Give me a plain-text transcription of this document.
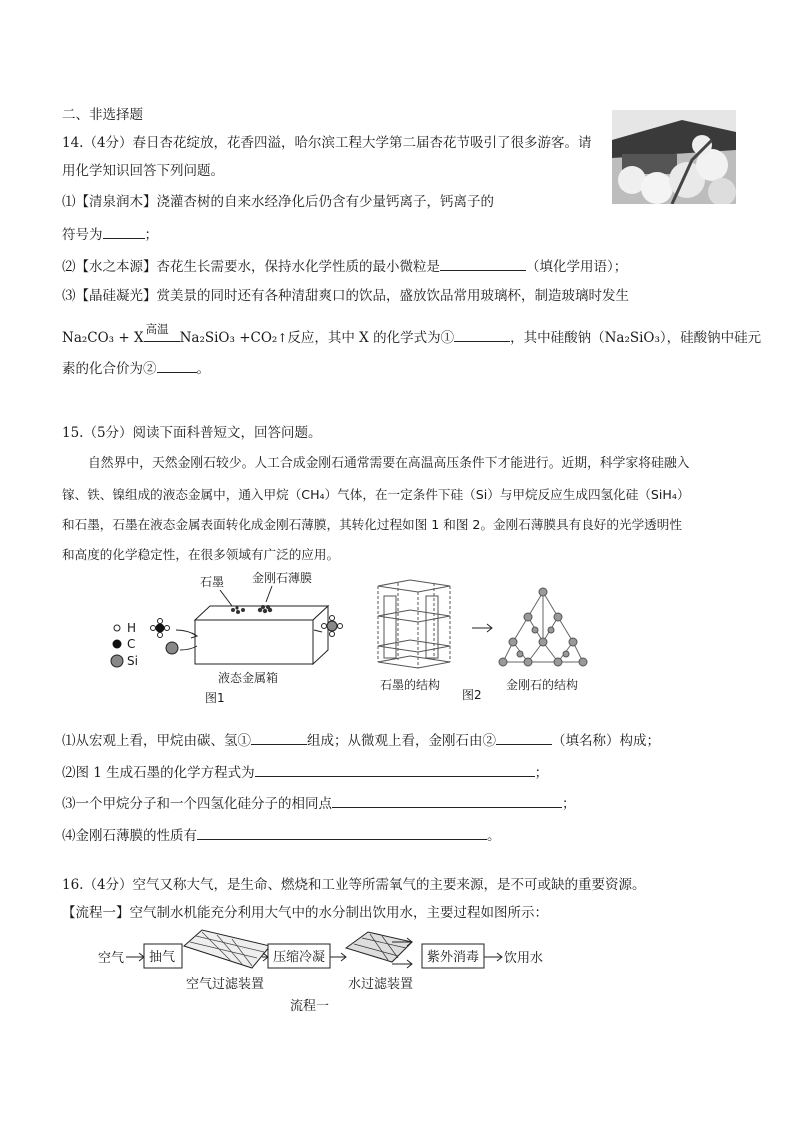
二、非选择题
14.（4分）春日杏花绽放，花香四溢，哈尔滨工程大学第二届杏花节吸引了很多游客。请
用化学知识回答下列问题。
⑴【清泉润木】浇灌杏树的自来水经净化后仍含有少量钙离子，钙离子的
符号为	；
⑵【水之本源】杏花生长需要水，保持水化学性质的最小微粒是	（填化学用语）；
⑶【晶硅凝光】赏美景的同时还有各种清甜爽口的饮品，盛放饮品常用玻璃杯，制造玻璃时发生
Na₂CO₃ + X
高温
Na₂SiO₃ +CO₂↑反应，其中 X 的化学式为①	，其中硅酸钠（Na₂SiO₃），硅酸钠中硅元
素的化合价为②	。
15.（5分）阅读下面科普短文，回答问题。
自然界中，天然金刚石较少。人工合成金刚石通常需要在高温高压条件下才能进行。近期，科学家将硅融入
镓、铁、镍组成的液态金属中，通入甲烷（CH₄）气体，在一定条件下硅（Si）与甲烷反应生成四氢化硅（SiH₄）
和石墨，石墨在液态金属表面转化成金刚石薄膜，其转化过程如图 1 和图 2。金刚石薄膜具有良好的光学透明性
和高度的化学稳定性，在很多领域有广泛的应用。
石墨 金刚石薄膜
H
C
Si
液态金属箱
图1
石墨的结构
图2
金刚石的结构
⑴从宏观上看，甲烷由碳、氢①	组成；从微观上看，金刚石由②	（填名称）构成；
⑵图 1 生成石墨的化学方程式为	；
⑶一个甲烷分子和一个四氢化硅分子的相同点	；
⑷金刚石薄膜的性质有	。
16.（4分）空气又称大气，是生命、燃烧和工业等所需氧气的主要来源，是不可或缺的重要资源。
【流程一】空气制水机能充分利用大气中的水分制出饮用水，主要过程如图所示：
空气 抽气
空气过滤装置
压缩冷凝
水过滤装置
紫外消毒 饮用水
流程一
